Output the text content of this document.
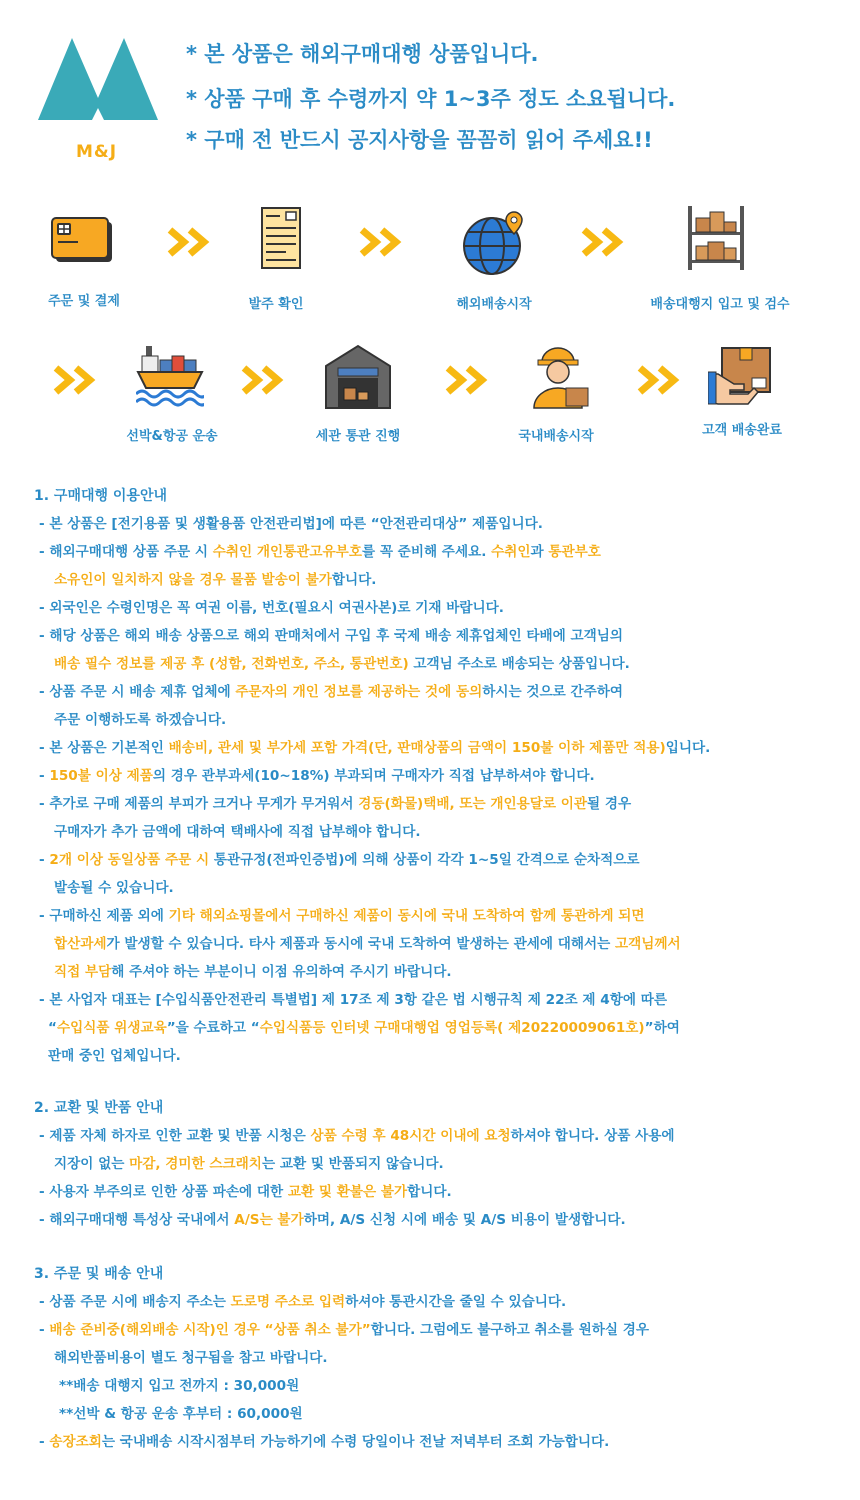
M&J
* 본 상품은 해외구매대행 상품입니다.
* 상품 구매 후 수령까지 약 1~3주 정도 소요됩니다.
* 구매 전 반드시 공지사항을 꼼꼼히 읽어 주세요!!
주문 및 결제	발주 확인	해외배송시작	배송대행지 입고 및 검수
선박&항공 운송	세관 통관 진행	국내배송시작	고객 배송완료
1. 구매대행 이용안내
- 본 상품은 [전기용품 및 생활용품 안전관리법]에 따른 “안전관리대상” 제품입니다.
- 해외구매대행 상품 주문 시 수취인 개인통관고유부호를 꼭 준비해 주세요. 수취인과 통관부호
소유인이 일치하지 않을 경우 물품 발송이 불가합니다.
- 외국인은 수령인명은 꼭 여권 이름, 번호(필요시 여권사본)로 기재 바랍니다.
- 해당 상품은 해외 배송 상품으로 해외 판매처에서 구입 후 국제 배송 제휴업체인 타배에 고객님의
배송 필수 정보를 제공 후 (성함, 전화번호, 주소, 통관번호) 고객님 주소로 배송되는 상품입니다.
- 상품 주문 시 배송 제휴 업체에 주문자의 개인 정보를 제공하는 것에 동의하시는 것으로 간주하여
주문 이행하도록 하겠습니다.
- 본 상품은 기본적인 배송비, 관세 및 부가세 포함 가격(단, 판매상품의 금액이 150불 이하 제품만 적용)입니다.
- 150불 이상 제품의 경우 관부과세(10~18%) 부과되며 구매자가 직접 납부하셔야 합니다.
- 추가로 구매 제품의 부피가 크거나 무게가 무거워서 경동(화물)택배, 또는 개인용달로 이관될 경우
구매자가 추가 금액에 대하여 택배사에 직접 납부해야 합니다.
- 2개 이상 동일상품 주문 시 통관규정(전파인증법)에 의해 상품이 각각 1~5일 간격으로 순차적으로
발송될 수 있습니다.
- 구매하신 제품 외에 기타 해외쇼핑몰에서 구매하신 제품이 동시에 국내 도착하여 함께 통관하게 되면
합산과세가 발생할 수 있습니다. 타사 제품과 동시에 국내 도착하여 발생하는 관세에 대해서는 고객님께서
직접 부담해 주셔야 하는 부분이니 이점 유의하여 주시기 바랍니다.
- 본 사업자 대표는 [수입식품안전관리 특별법] 제 17조 제 3항 같은 법 시행규칙 제 22조 제 4항에 따른
“수입식품 위생교육”을 수료하고 “수입식품등 인터넷 구매대행업 영업등록( 제20220009061호)”하여
판매 중인 업체입니다.
2. 교환 및 반품 안내
- 제품 자체 하자로 인한 교환 및 반품 시청은 상품 수령 후 48시간 이내에 요청하셔야 합니다. 상품 사용에
지장이 없는 마감, 경미한 스크래치는 교환 및 반품되지 않습니다.
- 사용자 부주의로 인한 상품 파손에 대한 교환 및 환불은 불가합니다.
- 해외구매대행 특성상 국내에서 A/S는 불가하며, A/S 신청 시에 배송 및 A/S 비용이 발생합니다.
3. 주문 및 배송 안내
- 상품 주문 시에 배송지 주소는 도로명 주소로 입력하셔야 통관시간을 줄일 수 있습니다.
- 배송 준비중(해외배송 시작)인 경우 “상품 취소 불가”합니다. 그럼에도 불구하고 취소를 원하실 경우
해외반품비용이 별도 청구됨을 참고 바랍니다.
**배송 대행지 입고 전까지 : 30,000원
**선박 & 항공 운송 후부터 : 60,000원
- 송장조회는 국내배송 시작시점부터 가능하기에 수령 당일이나 전날 저녁부터 조회 가능합니다.
